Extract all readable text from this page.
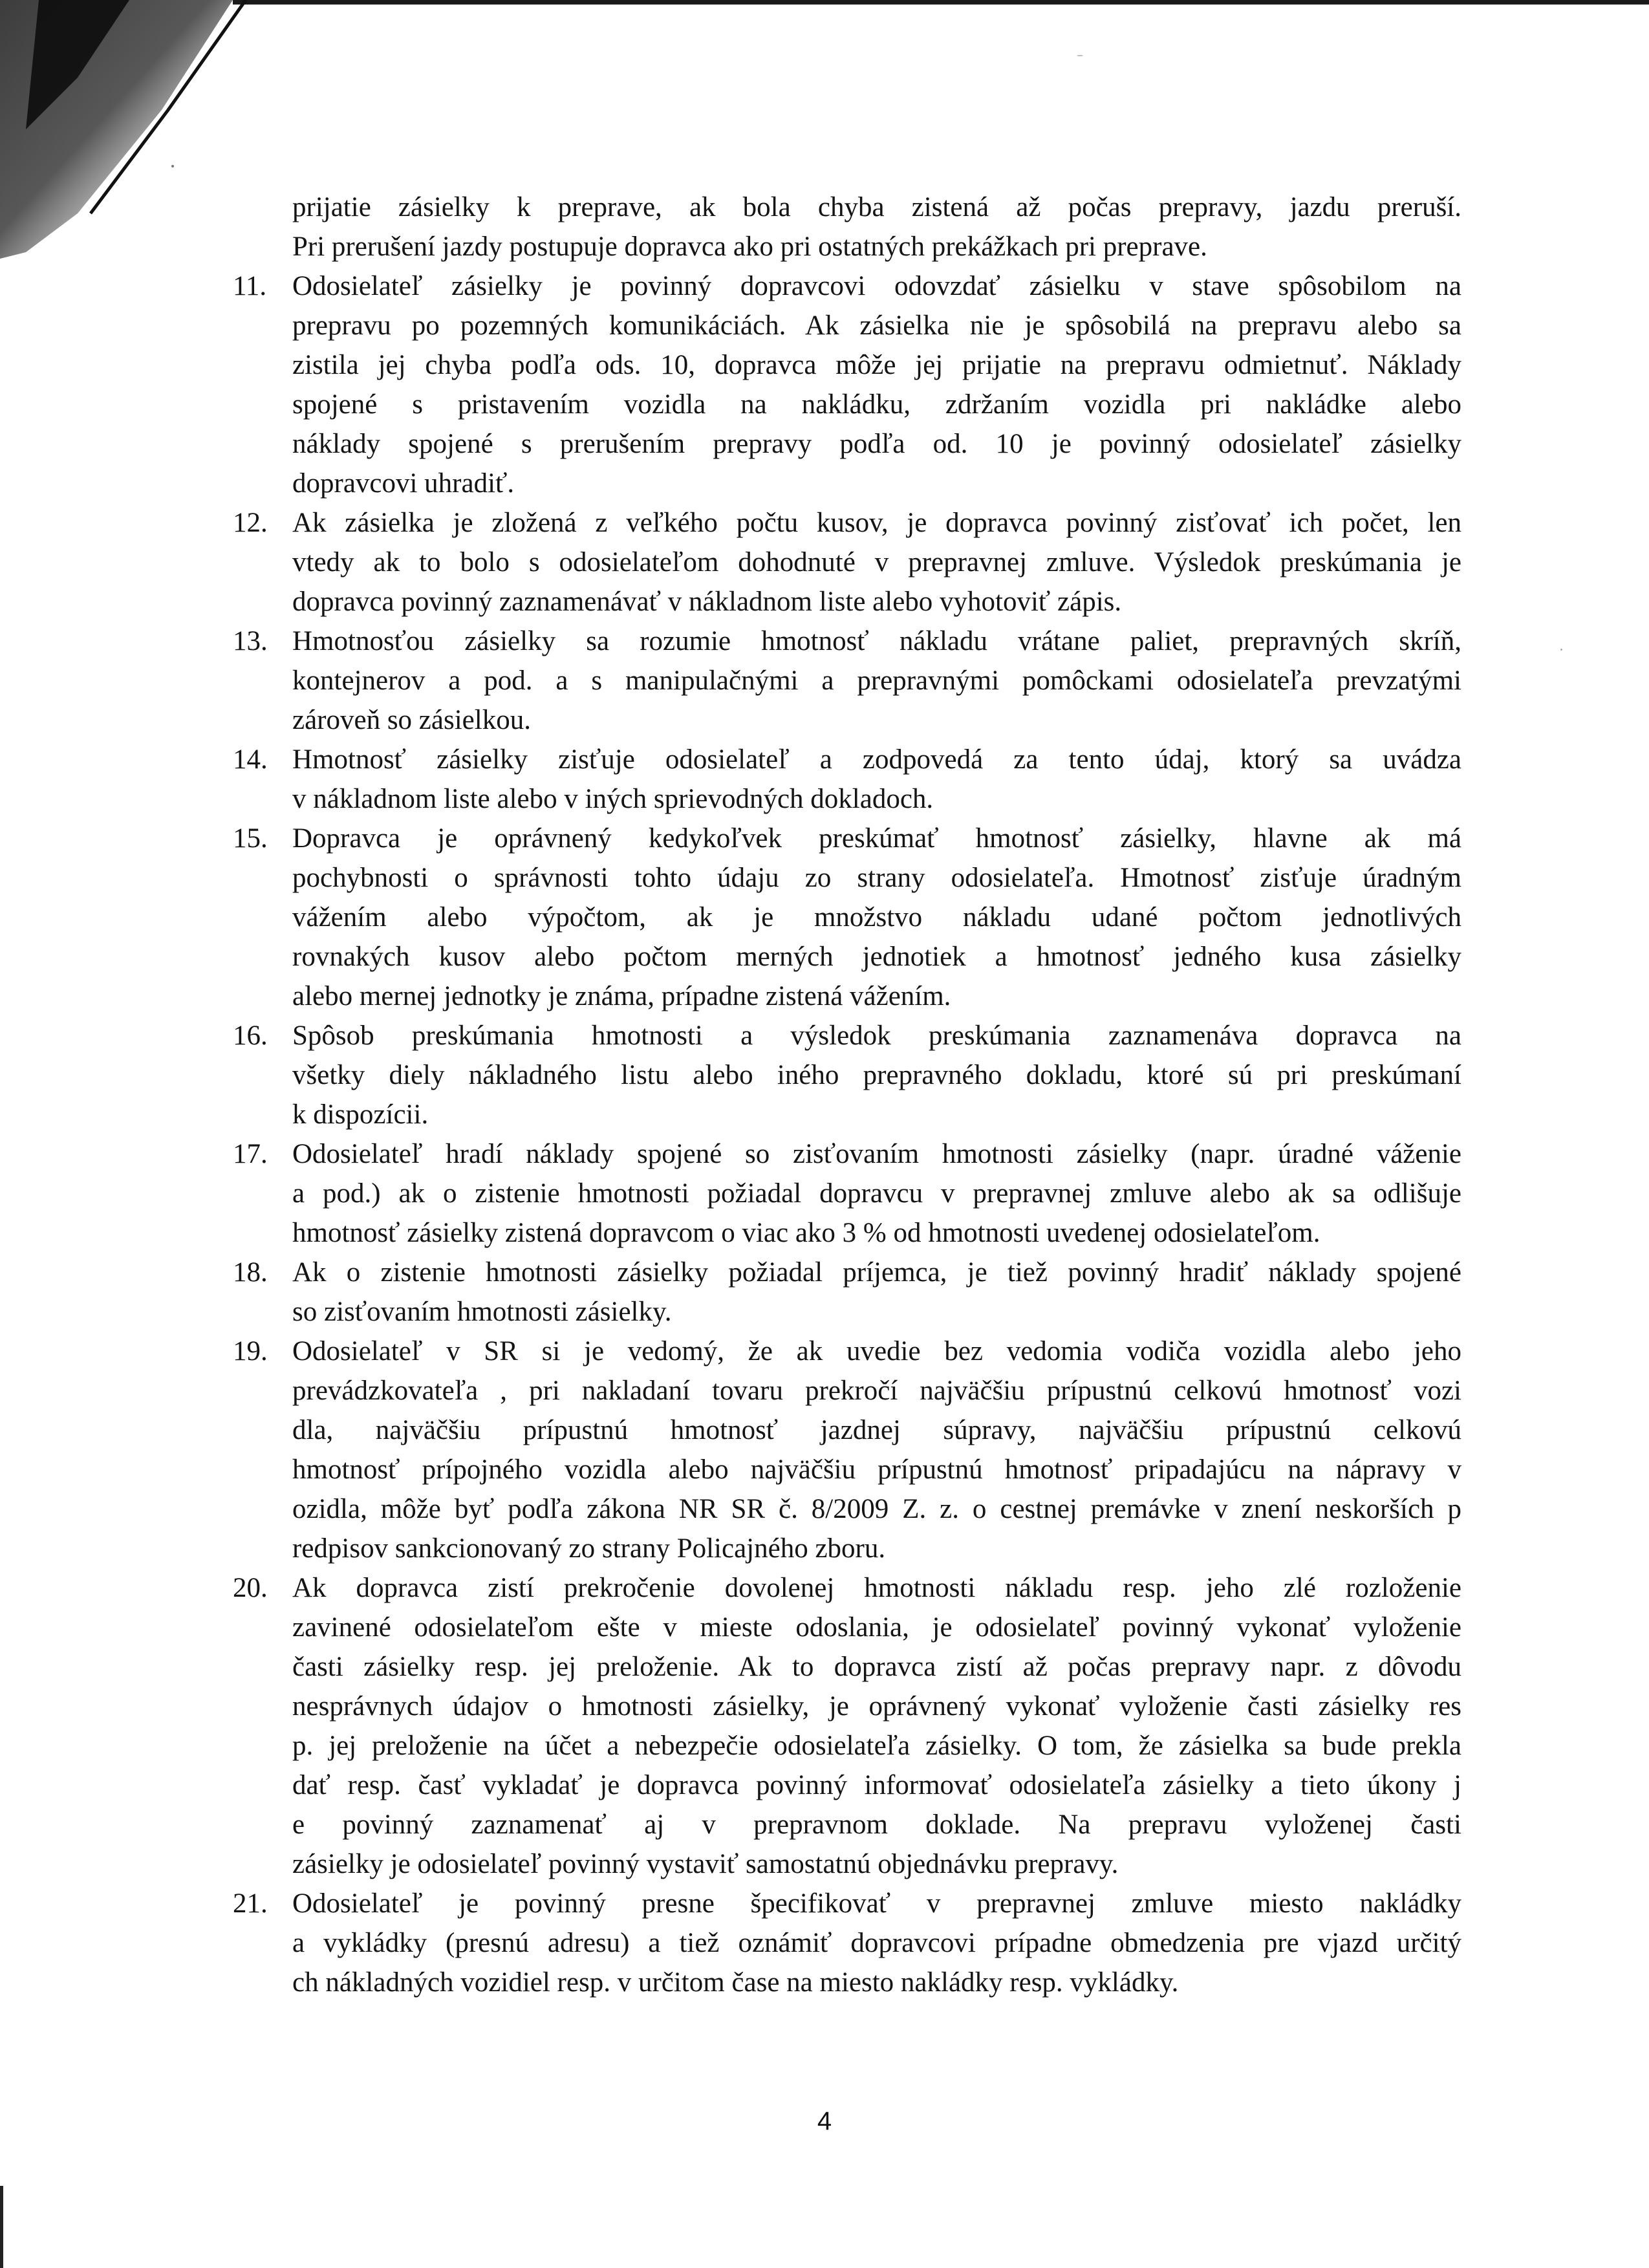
prijatie zásielky k preprave, ak bola chyba zistená až počas prepravy, jazdu preruší.
Pri prerušení jazdy postupuje dopravca ako pri ostatných prekážkach pri preprave.
11. Odosielateľ zásielky je povinný dopravcovi odovzdať zásielku v stave spôsobilom na
prepravu po pozemných komunikáciách. Ak zásielka nie je spôsobilá na prepravu alebo sa
zistila jej chyba podľa ods. 10, dopravca môže jej prijatie na prepravu odmietnuť. Náklady
spojené s pristavením vozidla na nakládku, zdržaním vozidla pri nakládke alebo
náklady spojené s prerušením prepravy podľa od. 10 je povinný odosielateľ zásielky
dopravcovi uhradiť.
12. Ak zásielka je zložená z veľkého počtu kusov, je dopravca povinný zisťovať ich počet, len
vtedy ak to bolo s odosielateľom dohodnuté v prepravnej zmluve. Výsledok preskúmania je
dopravca povinný zaznamenávať v nákladnom liste alebo vyhotoviť zápis.
13. Hmotnosťou zásielky sa rozumie hmotnosť nákladu vrátane paliet, prepravných skríň,
kontejnerov a pod. a s manipulačnými a prepravnými pomôckami odosielateľa prevzatými
zároveň so zásielkou.
14. Hmotnosť zásielky zisťuje odosielateľ a zodpovedá za tento údaj, ktorý sa uvádza
v nákladnom liste alebo v iných sprievodných dokladoch.
15. Dopravca je oprávnený kedykoľvek preskúmať hmotnosť zásielky, hlavne ak má
pochybnosti o správnosti tohto údaju zo strany odosielateľa. Hmotnosť zisťuje úradným
vážením alebo výpočtom, ak je množstvo nákladu udané počtom jednotlivých
rovnakých kusov alebo počtom merných jednotiek a hmotnosť jedného kusa zásielky
alebo mernej jednotky je známa, prípadne zistená vážením.
16. Spôsob preskúmania hmotnosti a výsledok preskúmania zaznamenáva dopravca na
všetky diely nákladného listu alebo iného prepravného dokladu, ktoré sú pri preskúmaní
k dispozícii.
17. Odosielateľ hradí náklady spojené so zisťovaním hmotnosti zásielky (napr. úradné váženie
a pod.) ak o zistenie hmotnosti požiadal dopravcu v prepravnej zmluve alebo ak sa odlišuje
hmotnosť zásielky zistená dopravcom o viac ako 3 % od hmotnosti uvedenej odosielateľom.
18. Ak o zistenie hmotnosti zásielky požiadal príjemca, je tiež povinný hradiť náklady spojené
so zisťovaním hmotnosti zásielky.
19. Odosielateľ v SR si je vedomý, že ak uvedie bez vedomia vodiča vozidla alebo jeho
prevádzkovateľa , pri nakladaní tovaru prekročí najväčšiu prípustnú celkovú hmotnosť vozi
dla, najväčšiu prípustnú hmotnosť jazdnej súpravy, najväčšiu prípustnú celkovú
hmotnosť prípojného vozidla alebo najväčšiu prípustnú hmotnosť pripadajúcu na nápravy v
ozidla, môže byť podľa zákona NR SR č. 8/2009 Z. z. o cestnej premávke v znení neskorších p
redpisov sankcionovaný zo strany Policajného zboru.
20. Ak dopravca zistí prekročenie dovolenej hmotnosti nákladu resp. jeho zlé rozloženie
zavinené odosielateľom ešte v mieste odoslania, je odosielateľ povinný vykonať vyloženie
časti zásielky resp. jej preloženie. Ak to dopravca zistí až počas prepravy napr. z dôvodu
nesprávnych údajov o hmotnosti zásielky, je oprávnený vykonať vyloženie časti zásielky res
p. jej preloženie na účet a nebezpečie odosielateľa zásielky. O tom, že zásielka sa bude prekla
dať resp. časť vykladať je dopravca povinný informovať odosielateľa zásielky a tieto úkony j
e povinný zaznamenať aj v prepravnom doklade. Na prepravu vyloženej časti
zásielky je odosielateľ povinný vystaviť samostatnú objednávku prepravy.
21. Odosielateľ je povinný presne špecifikovať v prepravnej zmluve miesto nakládky
a vykládky (presnú adresu) a tiež oznámiť dopravcovi prípadne obmedzenia pre vjazd určitý
ch nákladných vozidiel resp. v určitom čase na miesto nakládky resp. vykládky.
4
